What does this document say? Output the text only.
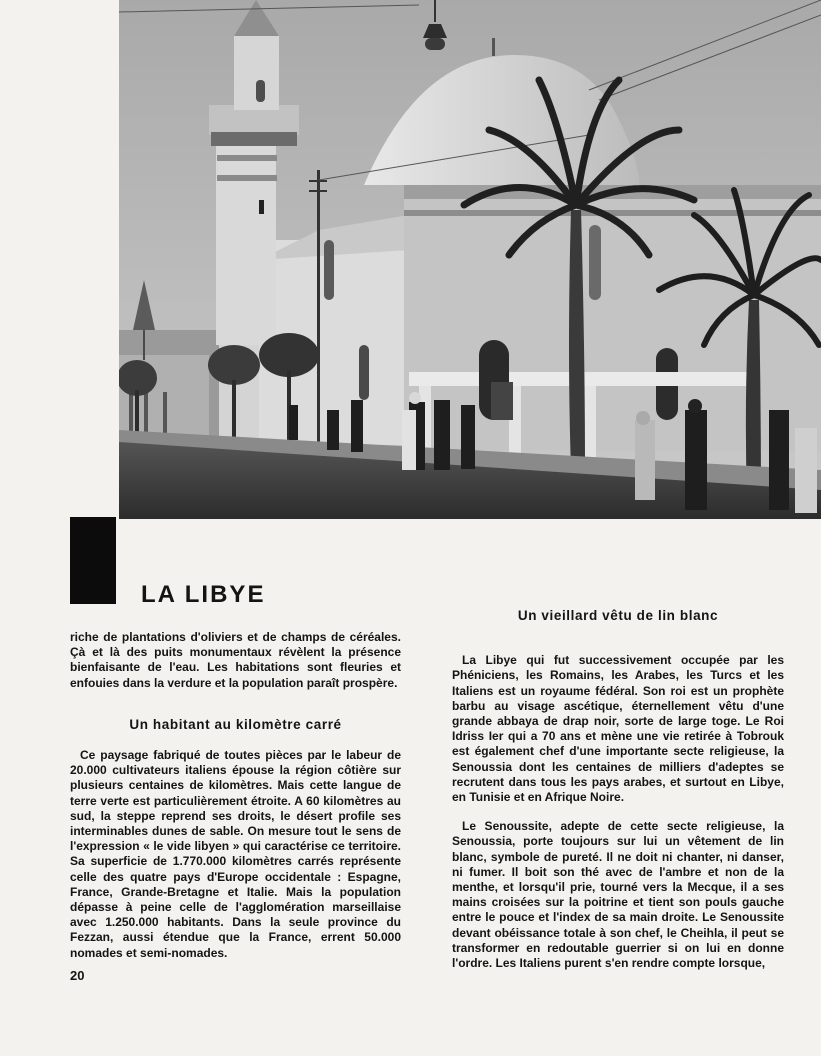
LA LIBYE

riche de plantations d'oliviers et de champs de céréales. Çà et là des puits monumentaux révèlent la présence bienfaisante de l'eau. Les habitations sont fleuries et enfouies dans la verdure et la population paraît prospère.

Un habitant au kilomètre carré

Ce paysage fabriqué de toutes pièces par le labeur de 20.000 cultivateurs italiens épouse la région côtière sur plusieurs centaines de kilomètres. Mais cette langue de terre verte est particulièrement étroite. A 60 kilomètres au sud, la steppe reprend ses droits, le désert profile ses interminables dunes de sable. On mesure tout le sens de l'expression « le vide libyen » qui caractérise ce territoire. Sa superficie de 1.770.000 kilomètres carrés représente celle des quatre pays d'Europe occidentale : Espagne, France, Grande-Bretagne et Italie. Mais la population dépasse à peine celle de l'agglomération marseillaise avec 1.250.000 habitants. Dans la seule province du Fezzan, aussi étendue que la France, errent 50.000 nomades et semi-nomades.

Un vieillard vêtu de lin blanc

La Libye qui fut successivement occupée par les Phéniciens, les Romains, les Arabes, les Turcs et les Italiens est un royaume fédéral. Son roi est un prophète barbu au visage ascétique, éternellement vêtu d'une grande abbaya de drap noir, sorte de large toge. Le Roi Idriss Ier qui a 70 ans et mène une vie retirée à Tobrouk est également chef d'une importante secte religieuse, la Senoussia dont les centaines de milliers d'adeptes se recrutent dans tous les pays arabes, et surtout en Libye, en Tunisie et en Afrique Noire.

Le Senoussite, adepte de cette secte religieuse, la Senoussia, porte toujours sur lui un vêtement de lin blanc, symbole de pureté. Il ne doit ni chanter, ni danser, ni fumer. Il boit son thé avec de l'ambre et non de la menthe, et lorsqu'il prie, tourné vers la Mecque, il a ses mains croisées sur la poitrine et tient son pouls gauche entre le pouce et l'index de sa main droite. Le Senoussite devant obéissance totale à son chef, le Cheihla, il peut se transformer en redoutable guerrier si on lui en donne l'ordre. Les Italiens purent s'en rendre compte lorsque,

20
